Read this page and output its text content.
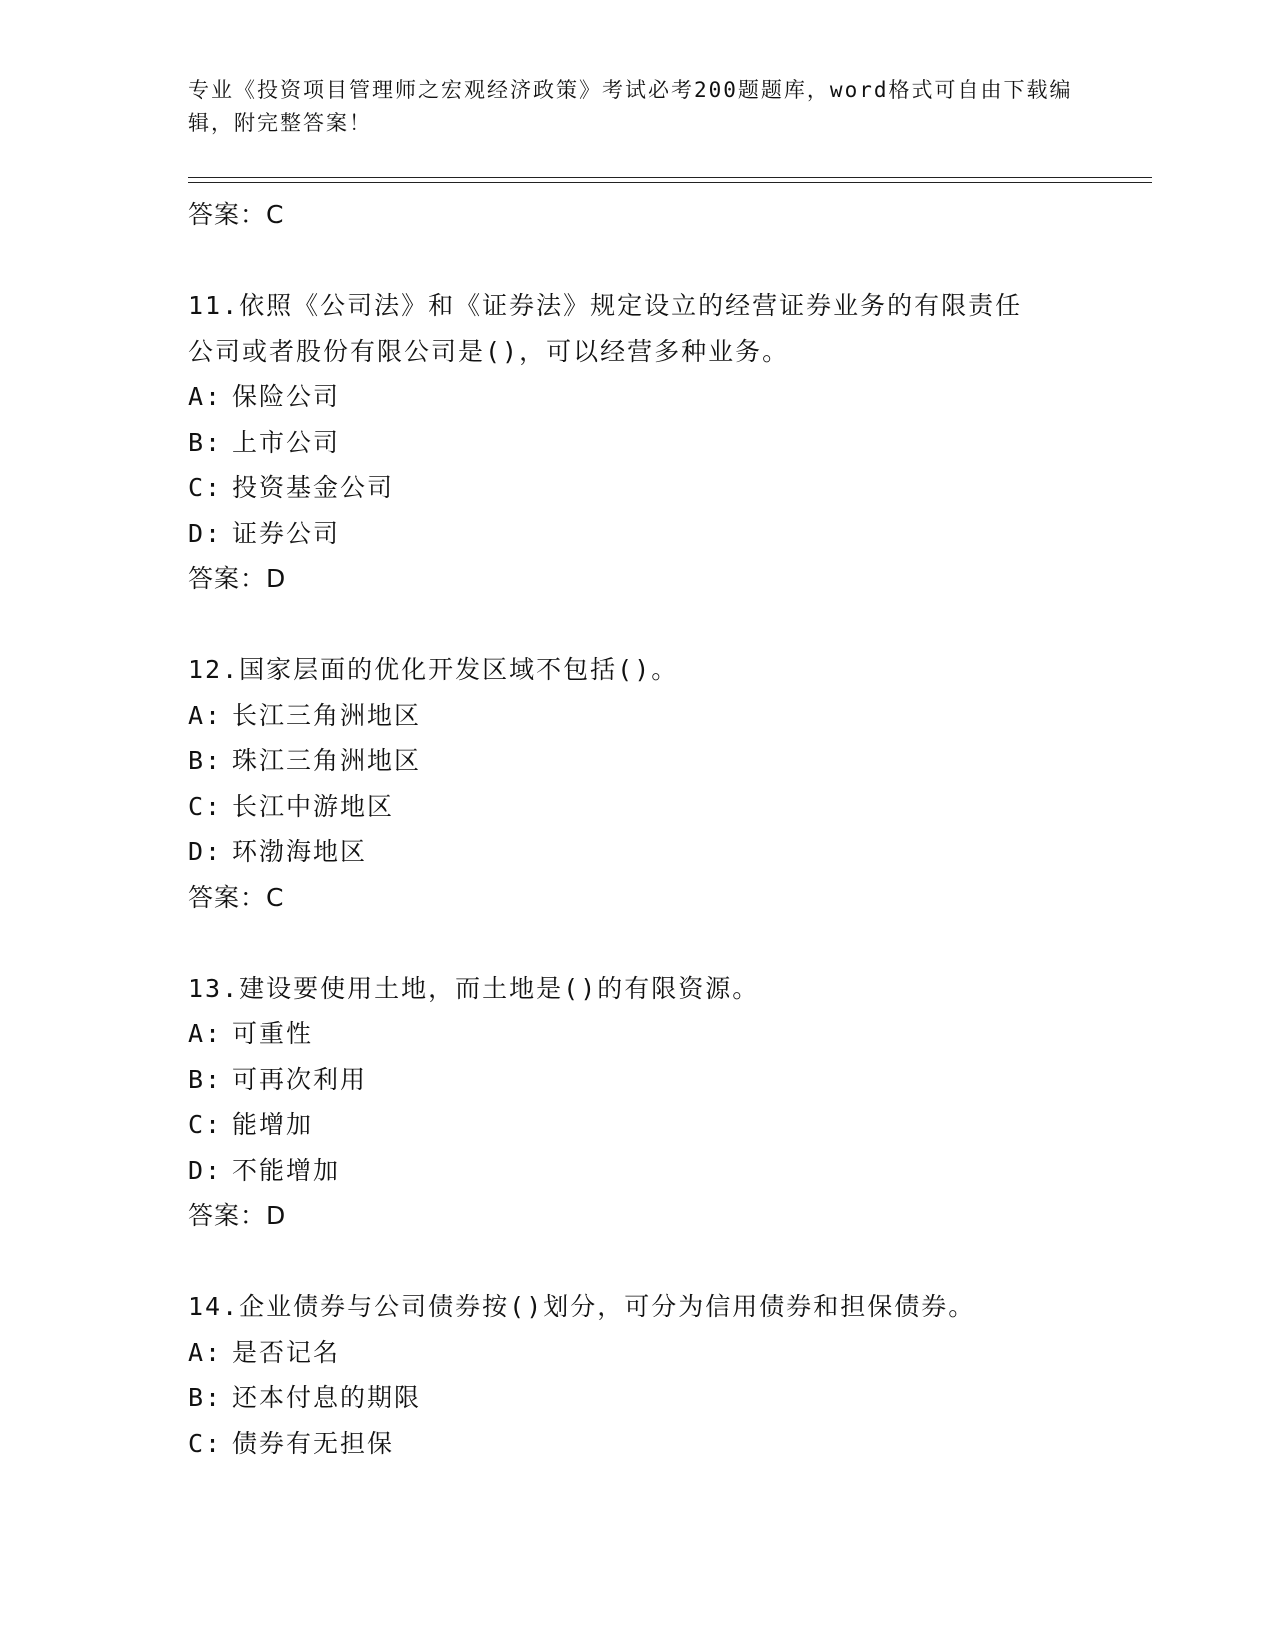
专业《投资项目管理师之宏观经济政策》考试必考200题题库，word格式可自由下载编辑，附完整答案！
答案：C
11.依照《公司法》和《证券法》规定设立的经营证券业务的有限责任
公司或者股份有限公司是()，可以经营多种业务。
A: 保险公司
B: 上市公司
C: 投资基金公司
D: 证券公司
答案：D
12.国家层面的优化开发区域不包括()。
A: 长江三角洲地区
B: 珠江三角洲地区
C: 长江中游地区
D: 环渤海地区
答案：C
13.建设要使用土地，而土地是()的有限资源。
A: 可重性
B: 可再次利用
C: 能增加
D: 不能增加
答案：D
14.企业债券与公司债券按()划分，可分为信用债券和担保债券。
A: 是否记名
B: 还本付息的期限
C: 债券有无担保
